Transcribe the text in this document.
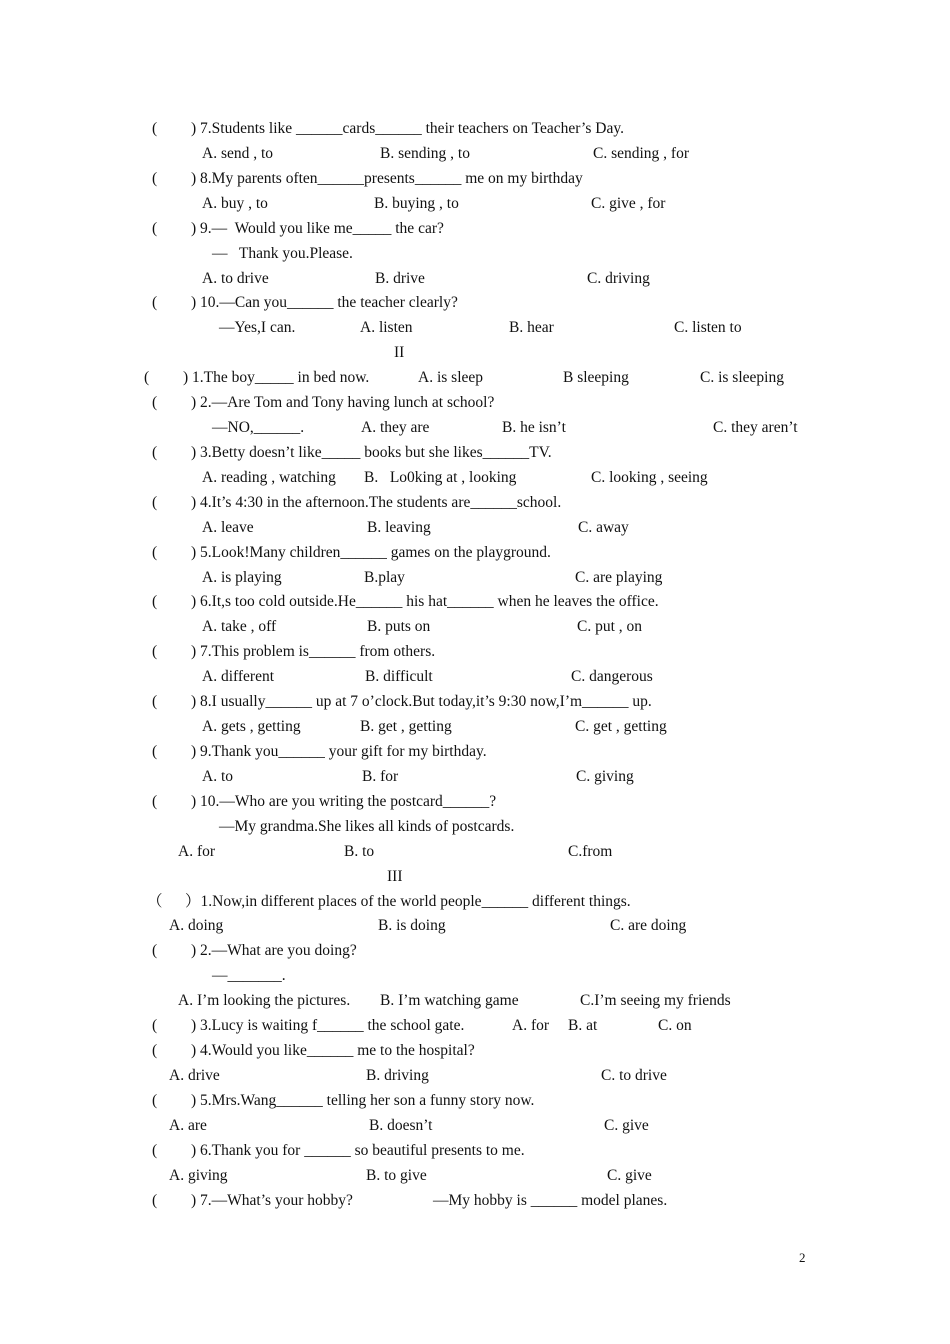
( ) 7.Students like ______cards______ their teachers on Teacher’s Day.
A. send , to	B. sending , to	C. sending , for
( ) 8.My parents often______presents______ me on my birthday
A. buy , to	B. buying , to	C. give , for
( ) 9.—  Would you like me_____ the car?
—   Thank you.Please.
A. to drive	B. drive	C. driving
( ) 10.—Can you______ the teacher clearly?
—Yes,I can.	A. listen	B. hear	C. listen to
II
( ) 1.The boy_____ in bed now.	A. is sleep	B sleeping	C. is sleeping
( ) 2.—Are Tom and Tony having lunch at school?
—NO,______.	A. they are	B. he isn’t	C. they aren’t
( ) 3.Betty doesn’t like_____ books but she likes______TV.
A. reading , watching B.   Lo0king at , looking	C. looking , seeing
( ) 4.It’s 4:30 in the afternoon.The students are______school.
A. leave	B. leaving	C. away
( ) 5.Look!Many children______ games on the playground.
A. is playing	B.play	C. are playing
( ) 6.It,s too cold outside.He______ his hat______ when he leaves the office.
A. take , off	B. puts on	C. put , on
( ) 7.This problem is______ from others.
A. different	B. difficult	C. dangerous
( ) 8.I usually______ up at 7 o’clock.But today,it’s 9:30 now,I’m______ up.
A. gets , getting	B. get , getting	C. get , getting
( ) 9.Thank you______ your gift for my birthday.
A. to	B. for	C. giving
( ) 10.—Who are you writing the postcard______?
—My grandma.She likes all kinds of postcards.
A. for	B. to	C.from
III
（ ）1.Now,in different places of the world people______ different things.
A. doing	B. is doing	C. are doing
( ) 2.—What are you doing?
—_______.
A. I’m looking the pictures. B. I’m watching game	C.I’m seeing my friends
( ) 3.Lucy is waiting f______ the school gate.	A. for B. at	C. on
( ) 4.Would you like______ me to the hospital?
A. drive	B. driving	C. to drive
( ) 5.Mrs.Wang______ telling her son a funny story now.
A. are	B. doesn’t	C. give
( ) 6.Thank you for ______ so beautiful presents to me.
A. giving	B. to give	C. give
( ) 7.—What’s your hobby?	—My hobby is ______ model planes.
2
